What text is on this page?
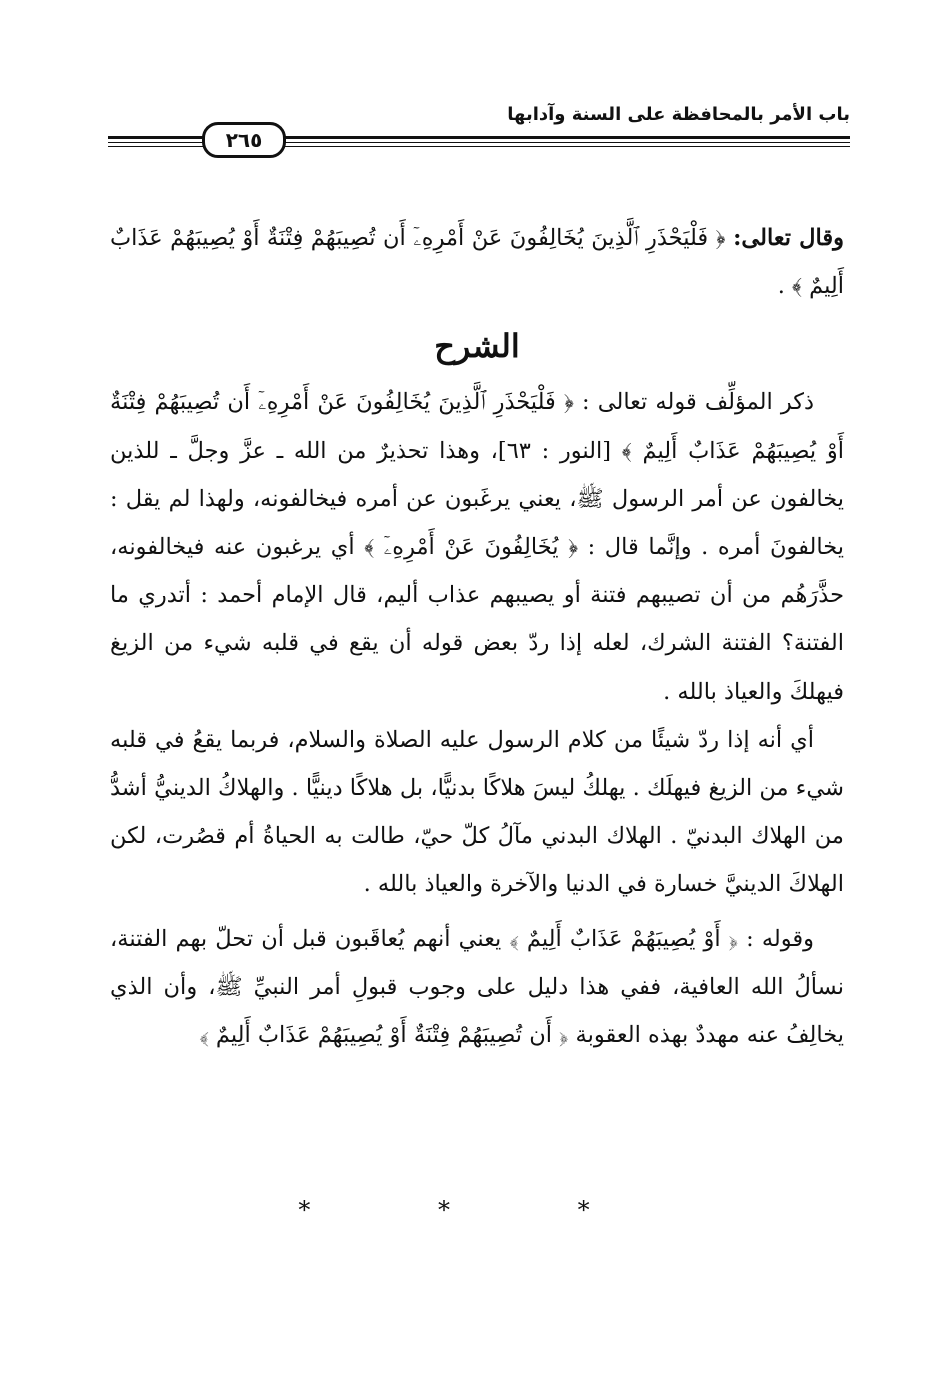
باب الأمر بالمحافظة على السنة وآدابها
٢٦٥

وقال تعالى: ﴿ فَلْيَحْذَرِ ٱلَّذِينَ يُخَالِفُونَ عَنْ أَمْرِهِۦٓ أَن تُصِيبَهُمْ فِتْنَةٌ أَوْ يُصِيبَهُمْ عَذَابٌ أَلِيمٌ ﴾ .

الشرح

ذكر المؤلِّف قوله تعالى : ﴿ فَلْيَحْذَرِ ٱلَّذِينَ يُخَالِفُونَ عَنْ أَمْرِهِۦٓ أَن تُصِيبَهُمْ فِتْنَةٌ أَوْ يُصِيبَهُمْ عَذَابٌ أَلِيمٌ ﴾ [النور : ٦٣]، وهذا تحذيرٌ من الله ـ عزَّ وجلَّ ـ للذين يخالفون عن أمر الرسول ﷺ، يعني يرغَبون عن أمره فيخالفونه، ولهذا لم يقل : يخالفونَ أمره . وإنَّما قال : ﴿ يُخَالِفُونَ عَنْ أَمْرِهِۦٓ ﴾ أي يرغبون عنه فيخالفونه، حذَّرَهُم من أن تصيبهم فتنة أو يصيبهم عذاب أليم، قال الإمام أحمد : أتدري ما الفتنة؟ الفتنة الشرك، لعله إذا ردّ بعض قوله أن يقع في قلبه شيء من الزيغ فيهلكَ والعياذ بالله .

أي أنه إذا ردّ شيئًا من كلام الرسول عليه الصلاة والسلام، فربما يقعُ في قلبه شيء من الزيغ فيهلَك . يهلكُ ليسَ هلاكًا بدنيًّا، بل هلاكًا دينيًّا . والهلاكُ الدينيُّ أشدُّ من الهلاك البدنيّ . الهلاك البدني مآلُ كلّ حيّ، طالت به الحياةُ أم قصُرت، لكن الهلاكَ الدينيَّ خسارة في الدنيا والآخرة والعياذ بالله .

وقوله : ﴿ أَوْ يُصِيبَهُمْ عَذَابٌ أَلِيمٌ ﴾ يعني أنهم يُعاقَبون قبل أن تحلّ بهم الفتنة، نسألُ الله العافية، ففي هذا دليل على وجوب قبولِ أمر النبيِّ ﷺ، وأن الذي يخالِفُ عنه مهددٌ بهذه العقوبة ﴿ أَن تُصِيبَهُمْ فِتْنَةٌ أَوْ يُصِيبَهُمْ عَذَابٌ أَلِيمٌ ﴾

* * *
